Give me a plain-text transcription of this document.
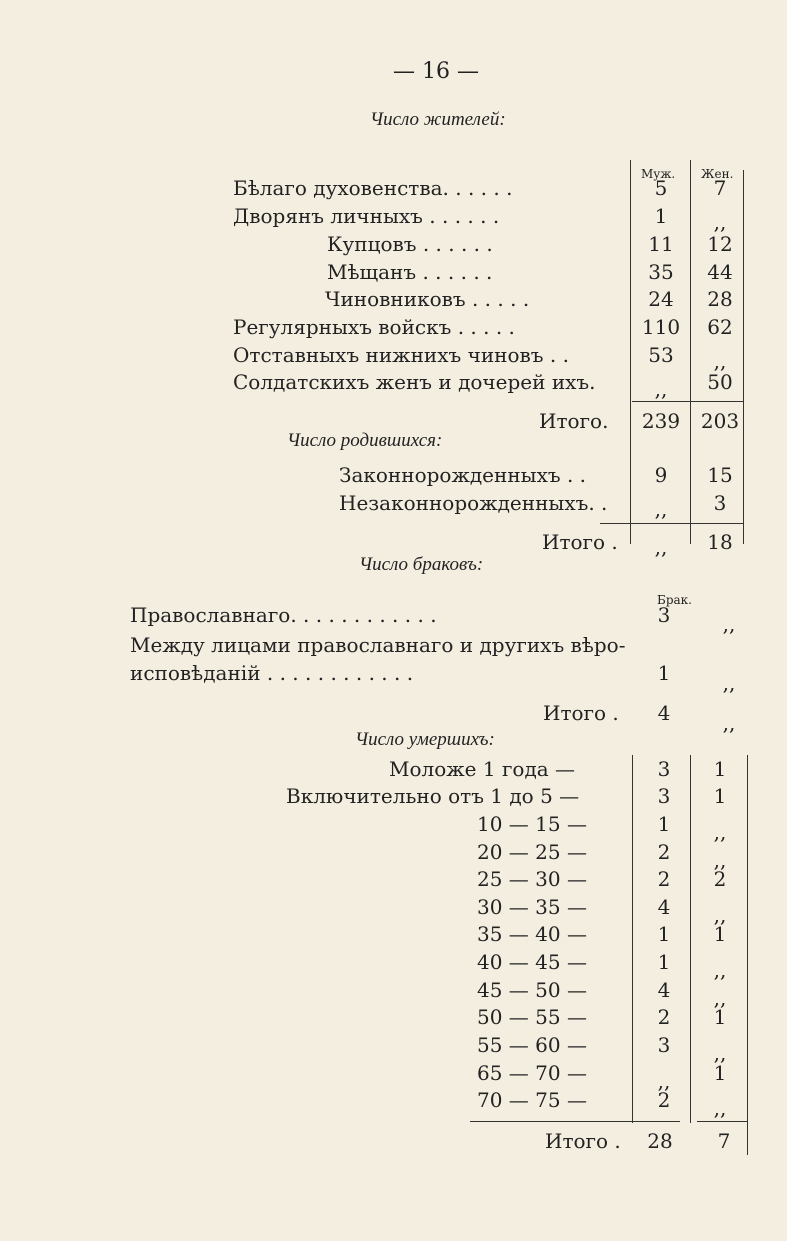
— 16 —
Число жителей:
Муж. Жен.
Бѣлаго духовенства. . . . . .	5	7
Дворянъ личныхъ . . . . . .	1	,,
Купцовъ . . . . . .	11	12
Мѣщанъ . . . . . .	35	44
Чиновниковъ . . . . .	24	28
Регулярныхъ войскъ . . . . .	110	62
Отставныхъ нижнихъ чиновъ . .	53	,,
Солдатскихъ женъ и дочерей ихъ.	,,	50
Итого.	239	203
Число родившихся:
Законнорожденныхъ . .	9	15
Незаконнорожденныхъ. .	,,	3
Итого .	,,	18
Число браковъ:
Брак.
Православнаго. . . . . . . . . . . .	3	,,
Между лицами православнаго и другихъ вѣро-
исповѣданій . . . . . . . . . . . .	1	,,
Итого .	4	,,
Число умершихъ:
Моложе 1 года —	3	1
Включительно отъ 1 до 5 —	3	1
10 — 15 —	1	,,
20 — 25 —	2	,,
25 — 30 —	2	2
30 — 35 —	4	,,
35 — 40 —	1	1
40 — 45 —	1	,,
45 — 50 —	4	,,
50 — 55 —	2	1
55 — 60 —	3	,,
65 — 70 —	,,	1
70 — 75 —	2	,,
Итого .	28	7
